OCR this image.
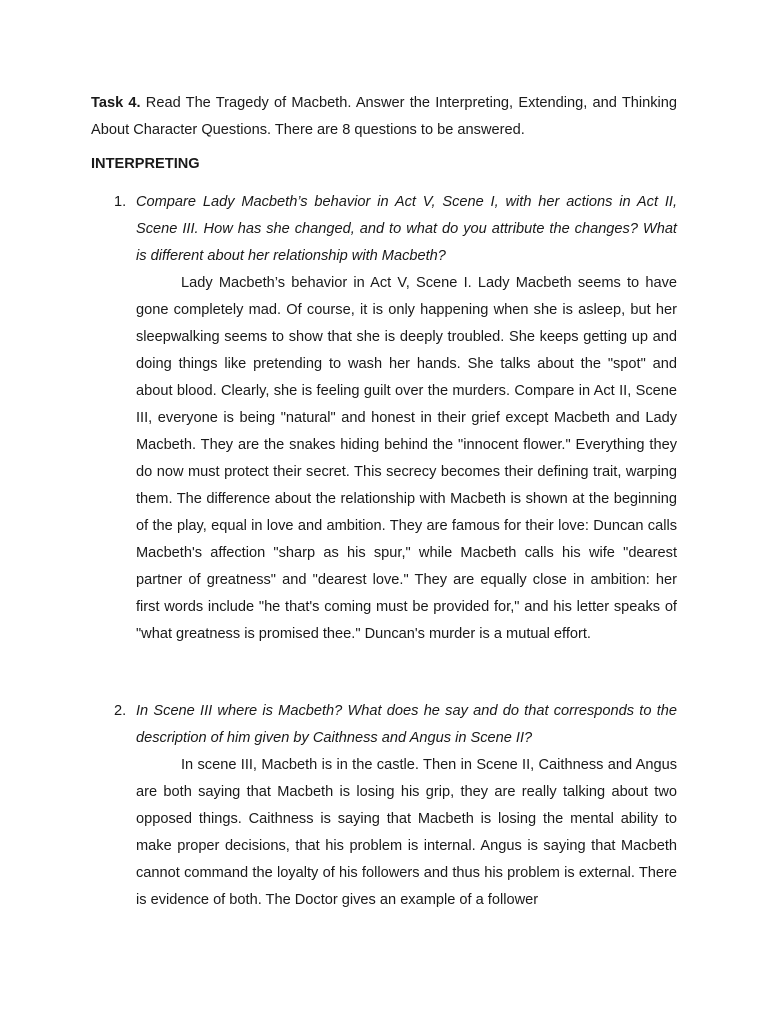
Task 4. Read The Tragedy of Macbeth. Answer the Interpreting, Extending, and Thinking About Character Questions. There are 8 questions to be answered.

INTERPRETING
1. Compare Lady Macbeth’s behavior in Act V, Scene I, with her actions in Act II, Scene III. How has she changed, and to what do you attribute the changes? What is different about her relationship with Macbeth?

Lady Macbeth’s behavior in Act V, Scene I. Lady Macbeth seems to have gone completely mad. Of course, it is only happening when she is asleep, but her sleepwalking seems to show that she is deeply troubled. She keeps getting up and doing things like pretending to wash her hands. She talks about the "spot" and about blood. Clearly, she is feeling guilt over the murders. Compare in Act II, Scene III, everyone is being "natural" and honest in their grief except Macbeth and Lady Macbeth. They are the snakes hiding behind the "innocent flower." Everything they do now must protect their secret. This secrecy becomes their defining trait, warping them. The difference about the relationship with Macbeth is shown at the beginning of the play, equal in love and ambition. They are famous for their love: Duncan calls Macbeth's affection "sharp as his spur," while Macbeth calls his wife "dearest partner of greatness" and "dearest love." They are equally close in ambition: her first words include "he that's coming must be provided for," and his letter speaks of "what greatness is promised thee." Duncan's murder is a mutual effort.

2. In Scene III where is Macbeth? What does he say and do that corresponds to the description of him given by Caithness and Angus in Scene II?

In scene III, Macbeth is in the castle. Then in Scene II, Caithness and Angus are both saying that Macbeth is losing his grip, they are really talking about two opposed things. Caithness is saying that Macbeth is losing the mental ability to make proper decisions, that his problem is internal. Angus is saying that Macbeth cannot command the loyalty of his followers and thus his problem is external. There is evidence of both. The Doctor gives an example of a follower
